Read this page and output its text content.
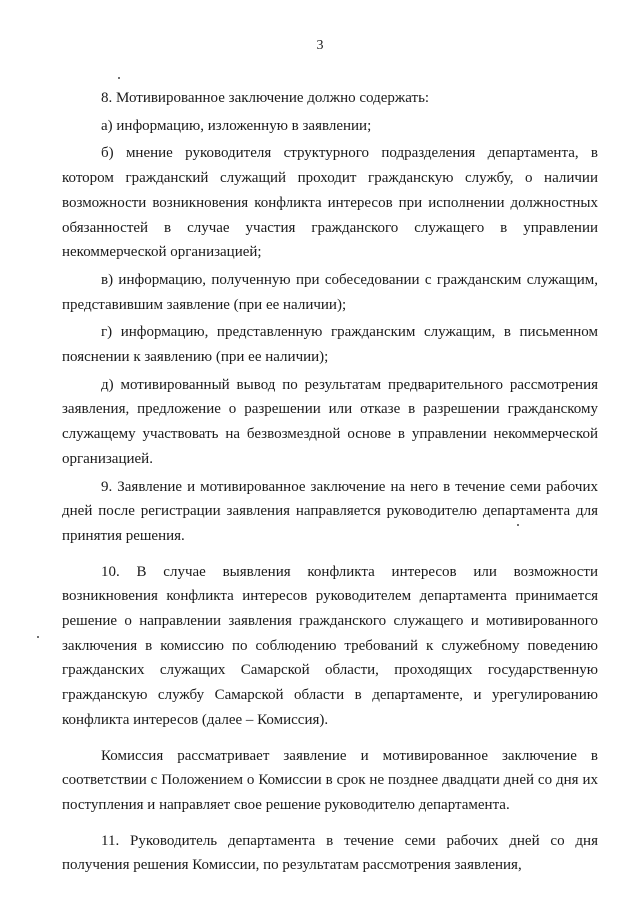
3

8. Мотивированное заключение должно содержать:

а) информацию, изложенную в заявлении;

б) мнение руководителя структурного подразделения департамента, в котором гражданский служащий проходит гражданскую службу, о наличии возможности возникновения конфликта интересов при исполнении должностных обязанностей в случае участия гражданского служащего в управлении некоммерческой организацией;

в) информацию, полученную при собеседовании с гражданским служащим, представившим заявление (при ее наличии);

г) информацию, представленную гражданским служащим, в письменном пояснении к заявлению (при ее наличии);

д) мотивированный вывод по результатам предварительного рассмотрения заявления, предложение о разрешении или отказе в разрешении гражданскому служащему участвовать на безвозмездной основе в управлении некоммерческой организацией.

9. Заявление и мотивированное заключение на него в течение семи рабочих дней после регистрации заявления направляется руководителю департамента для принятия решения.

10. В случае выявления конфликта интересов или возможности возникновения конфликта интересов руководителем департамента принимается решение о направлении заявления гражданского служащего и мотивированного заключения в комиссию по соблюдению требований к служебному поведению гражданских служащих Самарской области, проходящих государственную гражданскую службу Самарской области в департаменте, и урегулированию конфликта интересов (далее – Комиссия).

Комиссия рассматривает заявление и мотивированное заключение в соответствии с Положением о Комиссии в срок не позднее двадцати дней со дня их поступления и направляет свое решение руководителю департамента.

11. Руководитель департамента в течение семи рабочих дней со дня получения решения Комиссии, по результатам рассмотрения заявления,
